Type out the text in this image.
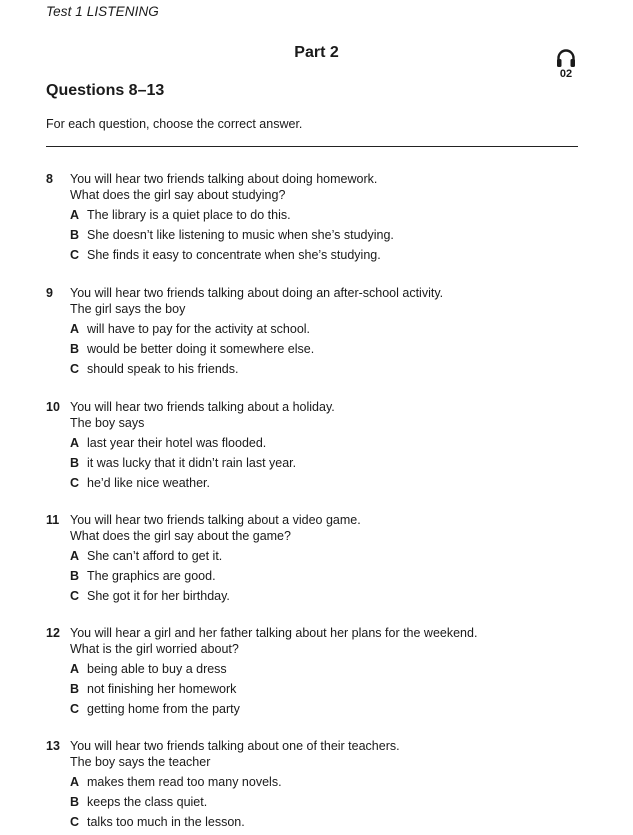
Test 1 LISTENING
Part 2
02
Questions 8–13
For each question, choose the correct answer.
8 You will hear two friends talking about doing homework.
What does the girl say about studying?
A The library is a quiet place to do this.
B She doesn’t like listening to music when she’s studying.
C She finds it easy to concentrate when she’s studying.
9 You will hear two friends talking about doing an after-school activity.
The girl says the boy
A will have to pay for the activity at school.
B would be better doing it somewhere else.
C should speak to his friends.
10 You will hear two friends talking about a holiday.
The boy says
A last year their hotel was flooded.
B it was lucky that it didn’t rain last year.
C he’d like nice weather.
11 You will hear two friends talking about a video game.
What does the girl say about the game?
A She can’t afford to get it.
B The graphics are good.
C She got it for her birthday.
12 You will hear a girl and her father talking about her plans for the weekend.
What is the girl worried about?
A being able to buy a dress
B not finishing her homework
C getting home from the party
13 You will hear two friends talking about one of their teachers.
The boy says the teacher
A makes them read too many novels.
B keeps the class quiet.
C talks too much in the lesson.
